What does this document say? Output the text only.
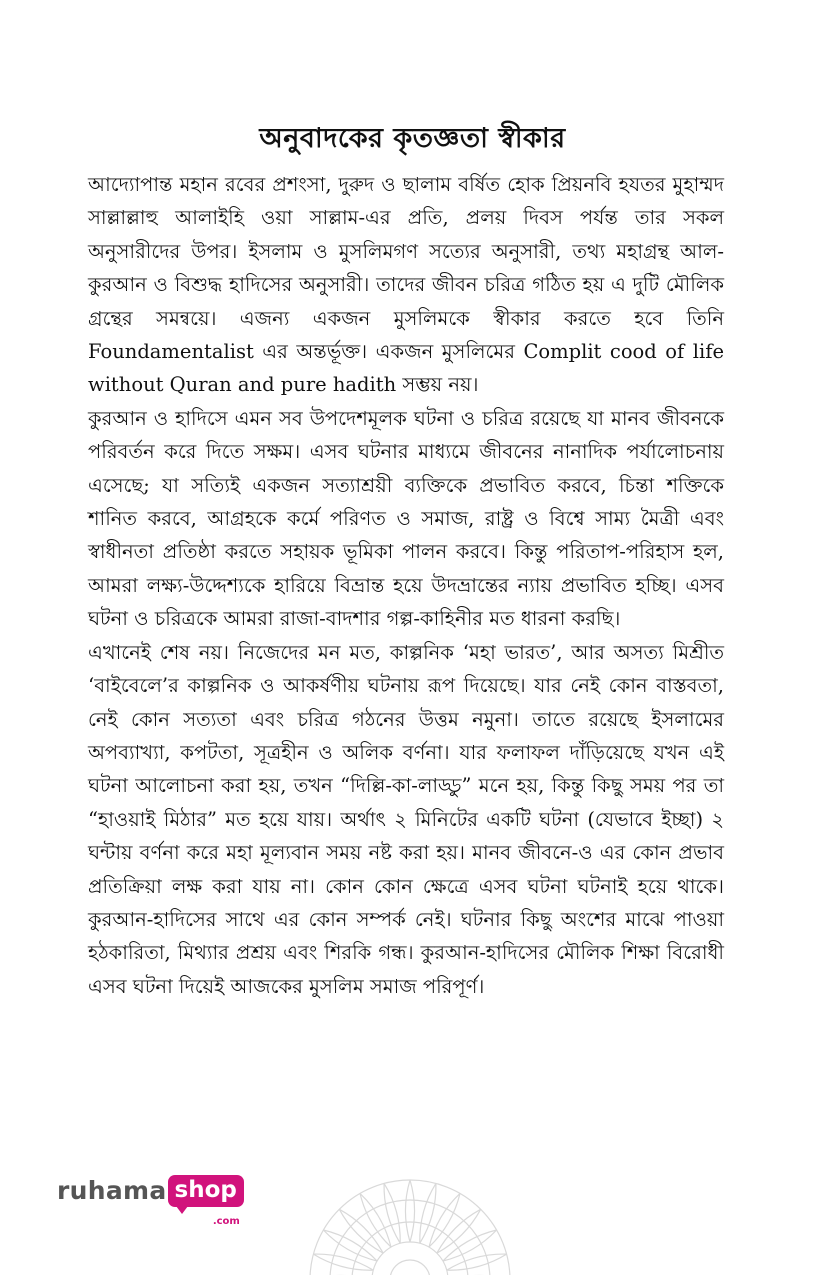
অনুবাদকের কৃতজ্ঞতা স্বীকার

আদ্যোপান্ত মহান রবের প্রশংসা, দুরুদ ও ছালাম বর্ষিত হোক প্রিয়নবি হযতর মুহাম্মদ সাল্লাল্লাহু আলাইহি ওয়া সাল্লাম-এর প্রতি, প্রলয় দিবস পর্যন্ত তার সকল অনুসারীদের উপর। ইসলাম ও মুসলিমগণ সত্যের অনুসারী, তথ্য মহাগ্রন্থ আল-কুরআন ও বিশুদ্ধ হাদিসের অনুসারী। তাদের জীবন চরিত্র গঠিত হয় এ দুটি মৌলিক গ্রন্থের সমন্বয়ে। এজন্য একজন মুসলিমকে স্বীকার করতে হবে তিনি Foundamentalist এর অন্তর্ভূক্ত। একজন মুসলিমের Complit cood of life without Quran and pure hadith সম্ভয় নয়।

কুরআন ও হাদিসে এমন সব উপদেশমূলক ঘটনা ও চরিত্র রয়েছে যা মানব জীবনকে পরিবর্তন করে দিতে সক্ষম। এসব ঘটনার মাধ্যমে জীবনের নানাদিক পর্যালোচনায় এসেছে; যা সত্যিই একজন সত্যাশ্রয়ী ব্যক্তিকে প্রভাবিত করবে, চিন্তা শক্তিকে শানিত করবে, আগ্রহকে কর্মে পরিণত ও সমাজ, রাষ্ট্র ও বিশ্বে সাম্য মৈত্রী এবং স্বাধীনতা প্রতিষ্ঠা করতে সহায়ক ভূমিকা পালন করবে। কিন্তু পরিতাপ-পরিহাস হল, আমরা লক্ষ্য-উদ্দেশ্যকে হারিয়ে বিভ্রান্ত হয়ে উদভ্রান্তের ন্যায় প্রভাবিত হচ্ছি। এসব ঘটনা ও চরিত্রকে আমরা রাজা-বাদশার গল্প-কাহিনীর মত ধারনা করছি।

এখানেই শেষ নয়। নিজেদের মন মত, কাল্পনিক ‘মহা ভারত’, আর অসত্য মিশ্রীত ‘বাইবেলে’র কাল্পনিক ও আকর্ষণীয় ঘটনায় রূপ দিয়েছে। যার নেই কোন বাস্তবতা, নেই কোন সত্যতা এবং চরিত্র গঠনের উত্তম নমুনা। তাতে রয়েছে ইসলামের অপব্যাখ্যা, কপটতা, সূত্রহীন ও অলিক বর্ণনা। যার ফলাফল দাঁড়িয়েছে যখন এই ঘটনা আলোচনা করা হয়, তখন “দিল্লি-কা-লাড্ডু” মনে হয়, কিন্তু কিছু সময় পর তা “হাওয়াই মিঠার” মত হয়ে যায়। অর্থাৎ ২ মিনিটের একটি ঘটনা (যেভাবে ইচ্ছা) ২ ঘন্টায় বর্ণনা করে মহা মূল্যবান সময় নষ্ট করা হয়। মানব জীবনে-ও এর কোন প্রভাব প্রতিক্রিয়া লক্ষ করা যায় না। কোন কোন ক্ষেত্রে এসব ঘটনা ঘটনাই হয়ে থাকে। কুরআন-হাদিসের সাথে এর কোন সম্পর্ক নেই। ঘটনার কিছু অংশের মাঝে পাওয়া হঠকারিতা, মিথ্যার প্রশ্রয় এবং শিরকি গন্ধ। কুরআন-হাদিসের মৌলিক শিক্ষা বিরোধী এসব ঘটনা দিয়েই আজকের মুসলিম সমাজ পরিপূর্ণ।

ruhama shop
.com
